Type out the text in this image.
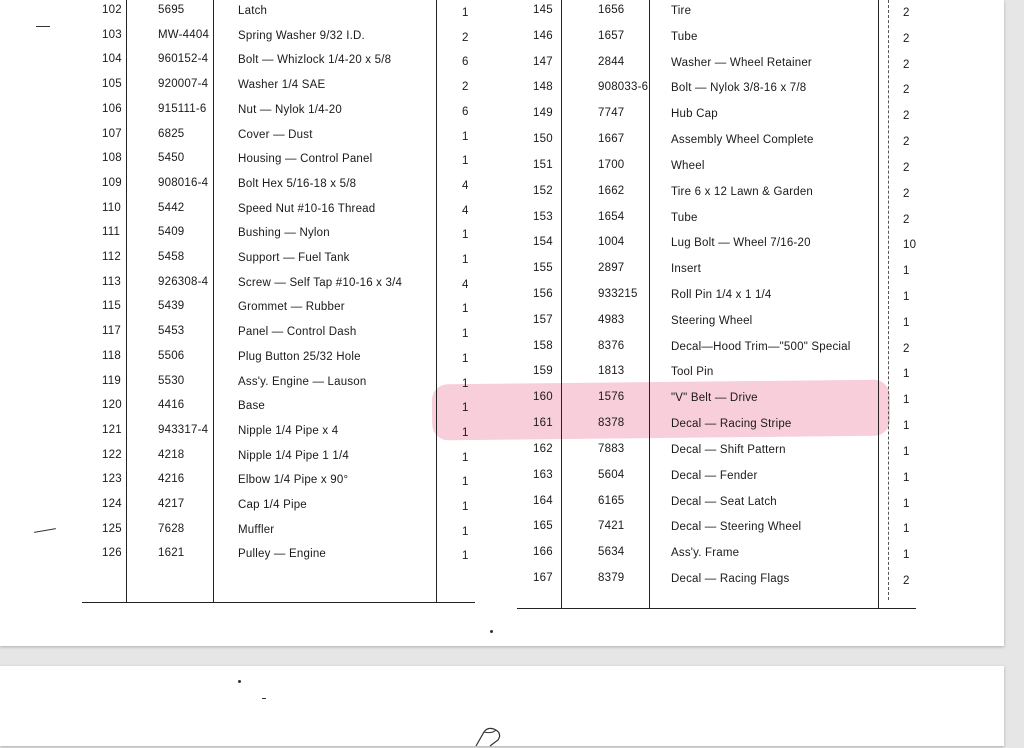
102	5695	Latch	1
103	MW-4404	Spring Washer 9/32 I.D.	2
104	960152-4	Bolt — Whizlock 1/4-20 x 5/8	6
105	920007-4	Washer 1/4 SAE	2
106	915111-6	Nut — Nylok 1/4-20	6
107	6825	Cover — Dust	1
108	5450	Housing — Control Panel	1
109	908016-4	Bolt Hex 5/16-18 x 5/8	4
110	5442	Speed Nut #10-16 Thread	4
111	5409	Bushing — Nylon	1
112	5458	Support — Fuel Tank	1
113	926308-4	Screw — Self Tap #10-16 x 3/4	4
115	5439	Grommet — Rubber	1
117	5453	Panel — Control Dash	1
118	5506	Plug Button 25/32 Hole	1
119	5530	Ass'y. Engine — Lauson	1
120	4416	Base	1
121	943317-4	Nipple 1/4 Pipe x 4	1
122	4218	Nipple 1/4 Pipe 1 1/4	1
123	4216	Elbow 1/4 Pipe x 90°	1
124	4217	Cap 1/4 Pipe	1
125	7628	Muffler	1
126	1621	Pulley — Engine	1
145	1656	Tire	2
146	1657	Tube	2
147	2844	Washer — Wheel Retainer	2
148	908033-6 Bolt — Nylok 3/8-16 x 7/8	2
149	7747	Hub Cap	2
150	1667	Assembly Wheel Complete	2
151	1700	Wheel	2
152	1662	Tire 6 x 12 Lawn & Garden	2
153	1654	Tube	2
154	1004	Lug Bolt — Wheel 7/16-20	10
155	2897	Insert	1
156	933215	Roll Pin 1/4 x 1 1/4	1
157	4983	Steering Wheel	1
158	8376	Decal—Hood Trim—"500" Special	2
159	1813	Tool Pin	1
160	1576	"V" Belt — Drive	1
161	8378	Decal — Racing Stripe	1
162	7883	Decal — Shift Pattern	1
163	5604	Decal — Fender	1
164	6165	Decal — Seat Latch	1
165	7421	Decal — Steering Wheel	1
166	5634	Ass'y. Frame	1
167	8379	Decal — Racing Flags	2
